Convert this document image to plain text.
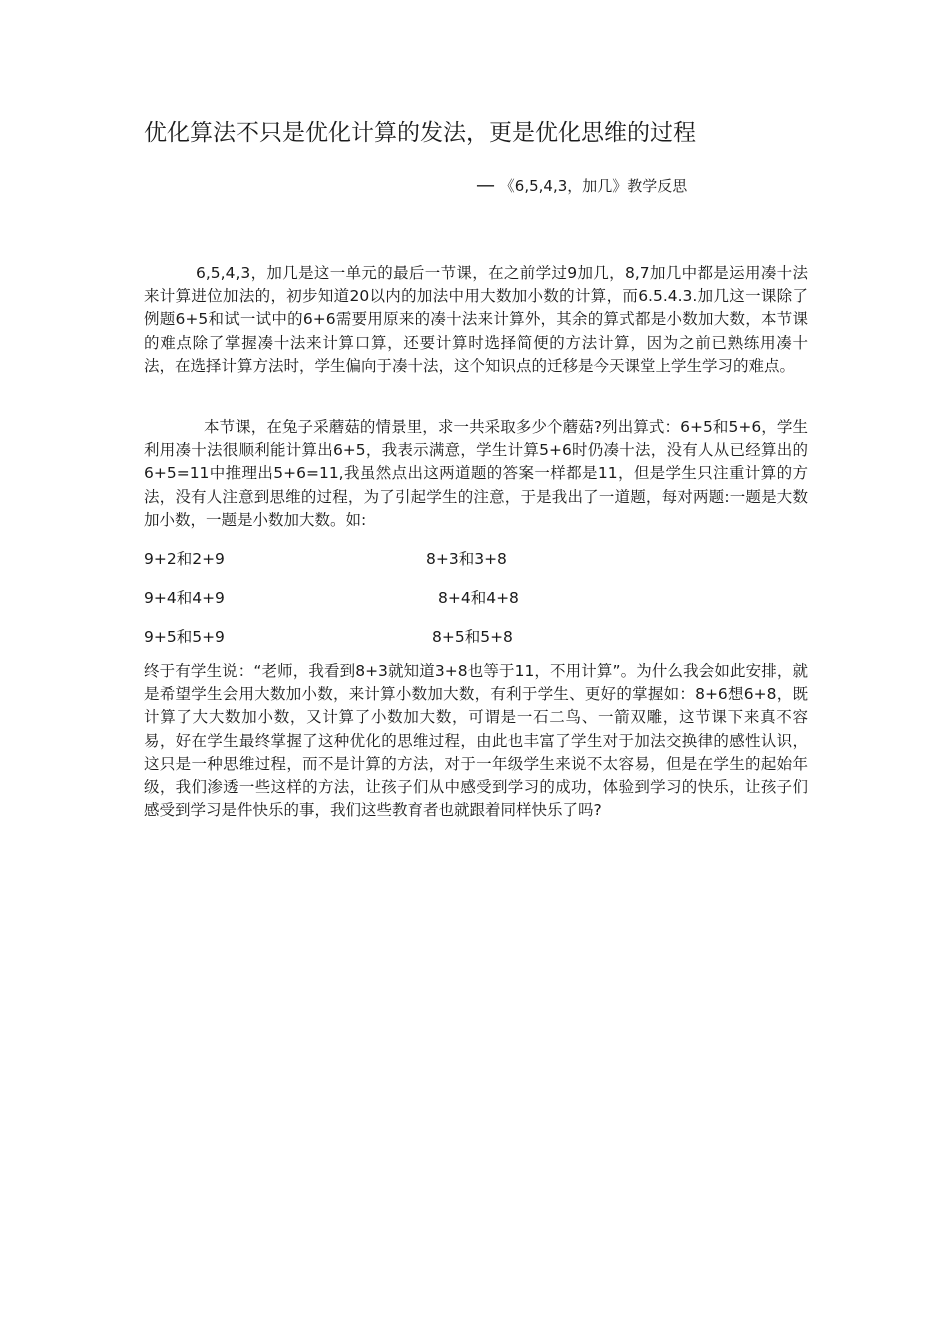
优化算法不只是优化计算的发法，更是优化思维的过程
— 《6,5,4,3，加几》教学反思

6,5,4,3，加几是这一单元的最后一节课，在之前学过9加几，8,7加几中都是运用凑十法来计算进位加法的，初步知道20以内的加法中用大数加小数的计算，而6.5.4.3.加几这一课除了例题6+5和试一试中的6+6需要用原来的凑十法来计算外，其余的算式都是小数加大数，本节课的难点除了掌握凑十法来计算口算，还要计算时选择简便的方法计算，因为之前已熟练用凑十法，在选择计算方法时，学生偏向于凑十法，这个知识点的迁移是今天课堂上学生学习的难点。

本节课，在兔子采蘑菇的情景里，求一共采取多少个蘑菇?列出算式：6+5和5+6，学生利用凑十法很顺利能计算出6+5，我表示满意，学生计算5+6时仍凑十法，没有人从已经算出的6+5=11中推理出5+6=11,我虽然点出这两道题的答案一样都是11，但是学生只注重计算的方法，没有人注意到思维的过程，为了引起学生的注意，于是我出了一道题，每对两题:一题是大数加小数，一题是小数加大数。如:

9+2和2+9	8+3和3+8
9+4和4+9	8+4和4+8
9+5和5+9	8+5和5+8

终于有学生说：“老师，我看到8+3就知道3+8也等于11，不用计算”。为什么我会如此安排，就是希望学生会用大数加小数，来计算小数加大数，有利于学生、更好的掌握如：8+6想6+8，既计算了大大数加小数，又计算了小数加大数，可谓是一石二鸟、一箭双雕，这节课下来真不容易，好在学生最终掌握了这种优化的思维过程，由此也丰富了学生对于加法交换律的感性认识，这只是一种思维过程，而不是计算的方法，对于一年级学生来说不太容易，但是在学生的起始年级，我们渗透一些这样的方法，让孩子们从中感受到学习的成功，体验到学习的快乐，让孩子们感受到学习是件快乐的事，我们这些教育者也就跟着同样快乐了吗?
